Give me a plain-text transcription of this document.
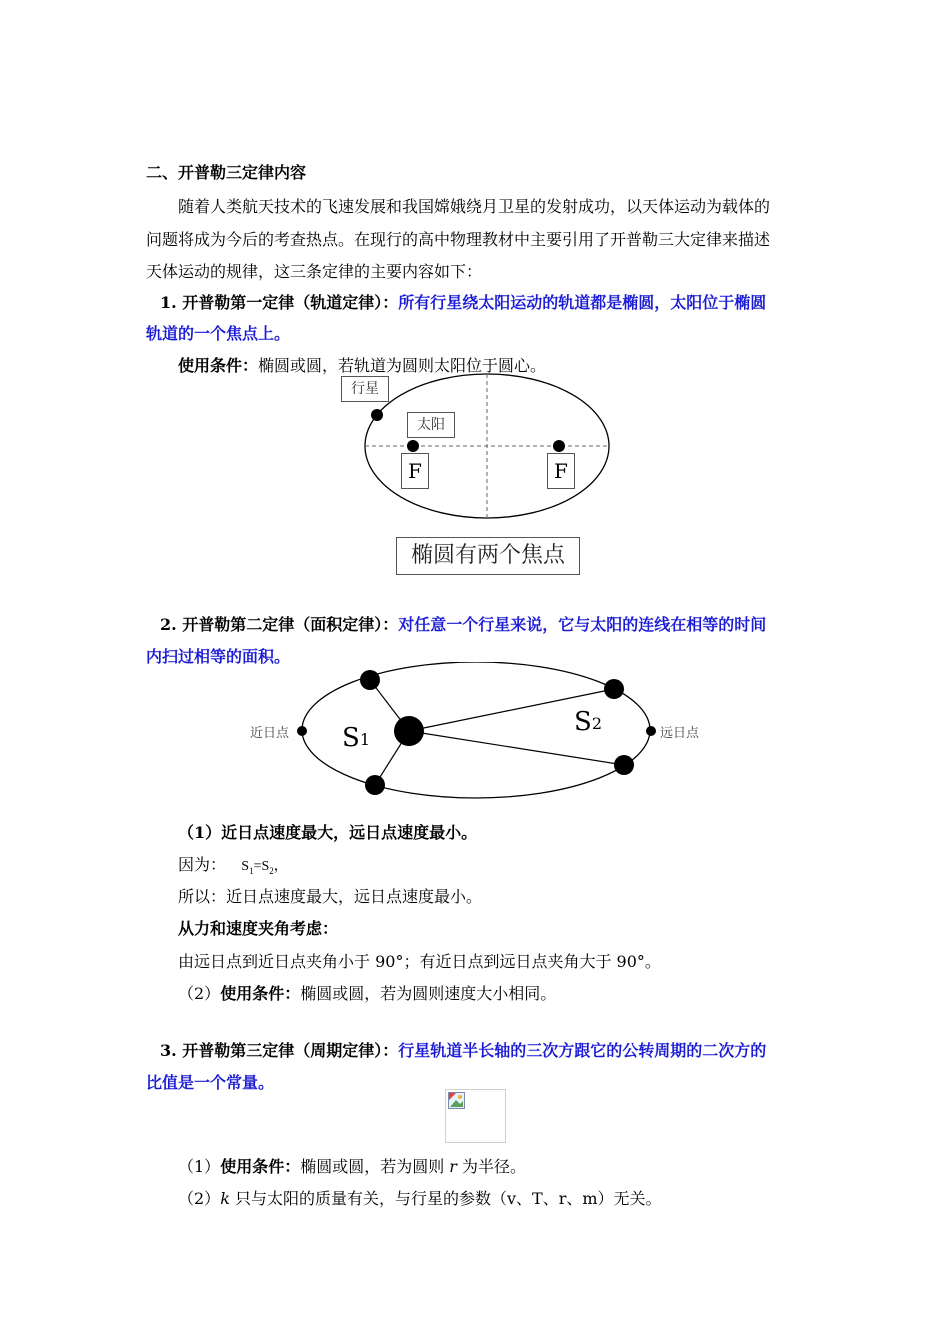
二、开普勒三定律内容
随着人类航天技术的飞速发展和我国嫦娥绕月卫星的发射成功，以天体运动为载体的
问题将成为今后的考查热点。在现行的高中物理教材中主要引用了开普勒三大定律来描述
天体运动的规律，这三条定律的主要内容如下：
1. 开普勒第一定律（轨道定律）：所有行星绕太阳运动的轨道都是椭圆，太阳位于椭圆
轨道的一个焦点上。
使用条件：椭圆或圆，若轨道为圆则太阳位于圆心。
行星
太阳
F	F
椭圆有两个焦点
2. 开普勒第二定律（面积定律）：对任意一个行星来说，它与太阳的连线在相等的时间
内扫过相等的面积。
S1
S2
近日点	远日点
（1）近日点速度最大，远日点速度最小。
因为： $S_1=S_2$，
所以：近日点速度最大，远日点速度最小。
从力和速度夹角考虑：
由远日点到近日点夹角小于 90°；有近日点到远日点夹角大于 90°。
（2）使用条件：椭圆或圆，若为圆则速度大小相同。
3. 开普勒第三定律（周期定律）：行星轨道半长轴的三次方跟它的公转周期的二次方的
比值是一个常量。
（1）使用条件：椭圆或圆，若为圆则 r 为半径。
（2）k 只与太阳的质量有关，与行星的参数（v、T、r、m）无关。
